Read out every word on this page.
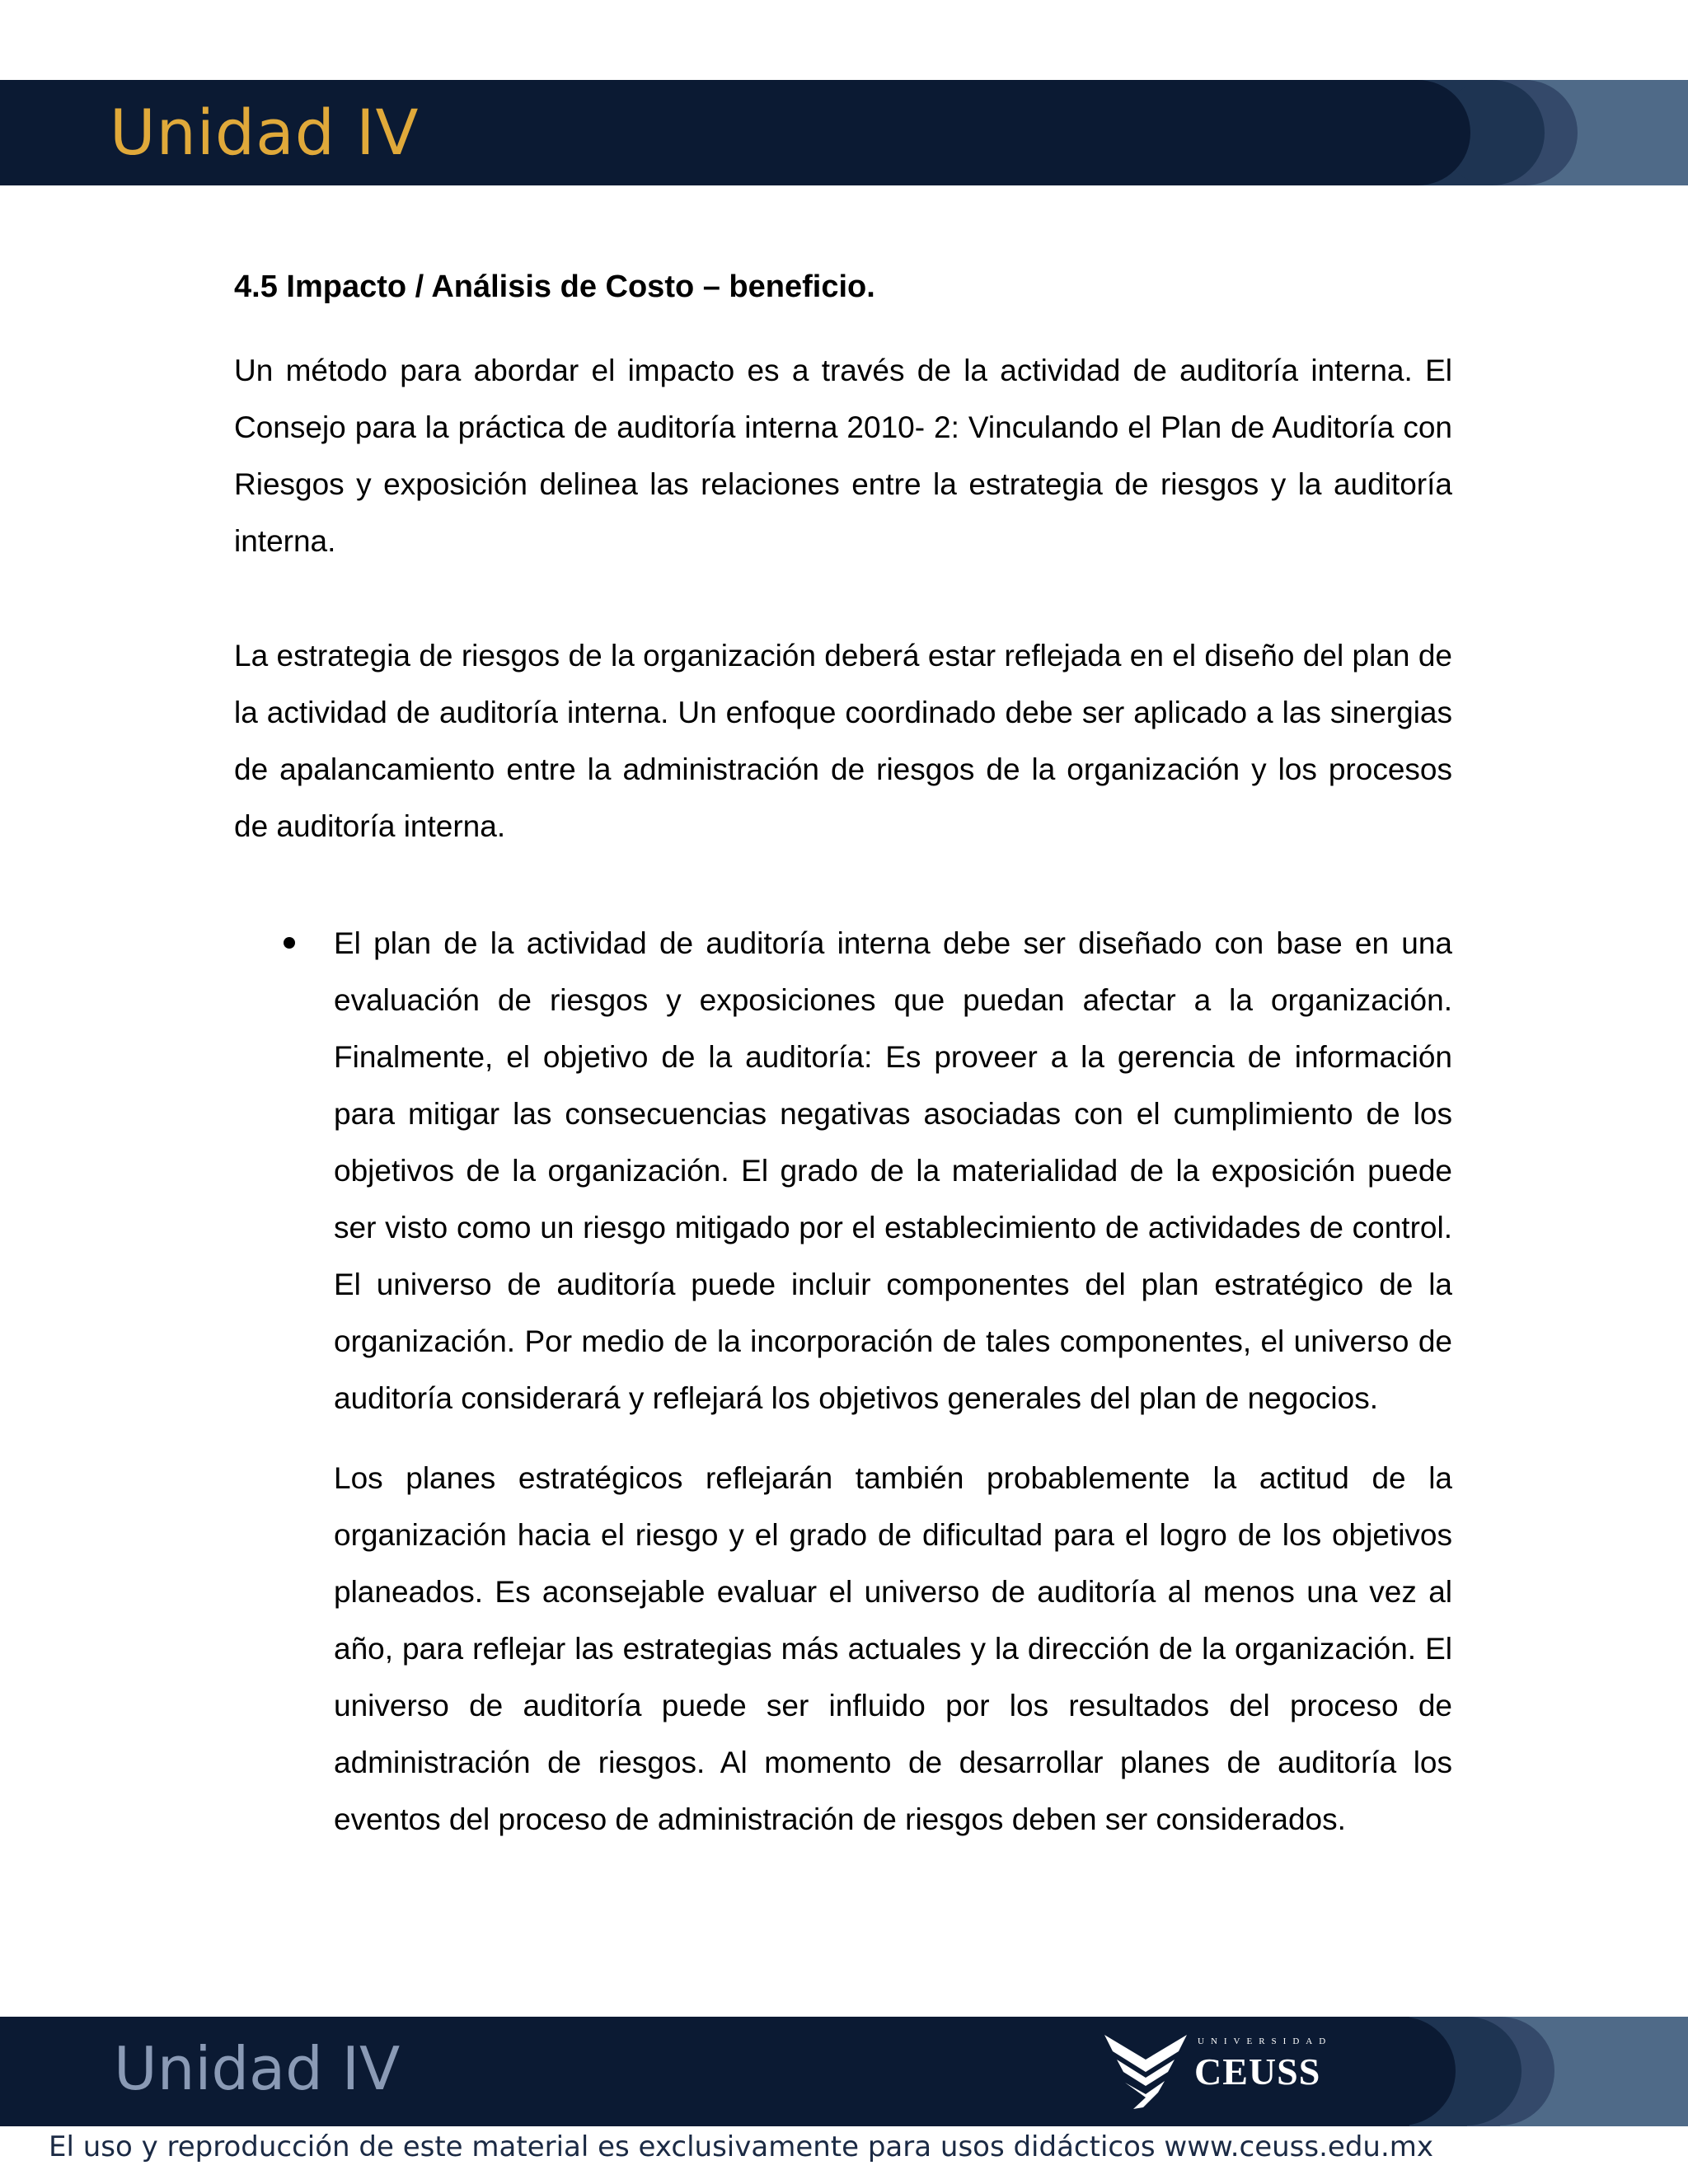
Unidad IV

4.5 Impacto / Análisis de Costo – beneficio.

Un método para abordar el impacto es a través de la actividad de auditoría interna. El Consejo para la práctica de auditoría interna 2010- 2: Vinculando el Plan de Auditoría con Riesgos y exposición delinea las relaciones entre la estrategia de riesgos y la auditoría interna.

La estrategia de riesgos de la organización deberá estar reflejada en el diseño del plan de la actividad de auditoría interna. Un enfoque coordinado debe ser aplicado a las sinergias de apalancamiento entre la administración de riesgos de la organización y los procesos de auditoría interna.

El plan de la actividad de auditoría interna debe ser diseñado con base en una evaluación de riesgos y exposiciones que puedan afectar a la organización. Finalmente, el objetivo de la auditoría: Es proveer a la gerencia de información para mitigar las consecuencias negativas asociadas con el cumplimiento de los objetivos de la organización. El grado de la materialidad de la exposición puede ser visto como un riesgo mitigado por el establecimiento de actividades de control. El universo de auditoría puede incluir componentes del plan estratégico de la organización. Por medio de la incorporación de tales componentes, el universo de auditoría considerará y reflejará los objetivos generales del plan de negocios.

Los planes estratégicos reflejarán también probablemente la actitud de la organización hacia el riesgo y el grado de dificultad para el logro de los objetivos planeados. Es aconsejable evaluar el universo de auditoría al menos una vez al año, para reflejar las estrategias más actuales y la dirección de la organización. El universo de auditoría puede ser influido por los resultados del proceso de administración de riesgos. Al momento de desarrollar planes de auditoría los eventos del proceso de administración de riesgos deben ser considerados.

Unidad IV	UNIVERSIDAD
CEUSS
El uso y reproducción de este material es exclusivamente para usos didácticos www.ceuss.edu.mx
